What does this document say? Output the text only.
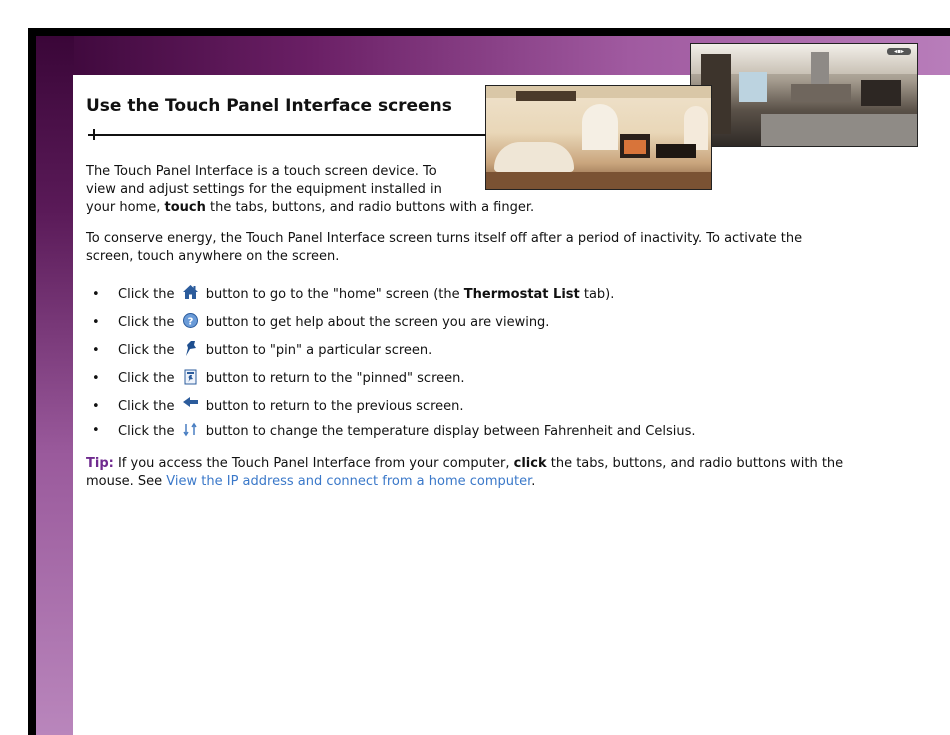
◂▪▸
Use the Touch Panel Interface screens
The Touch Panel Interface is a touch screen device. To
view and adjust settings for the equipment installed in
your home, touch the tabs, buttons, and radio buttons with a finger.
To conserve energy, the Touch Panel Interface screen turns itself off after a period of inactivity. To activate the screen, touch anywhere on the screen.
• Click the  button to go to the "home" screen (the Thermostat List tab).
• Click the ? button to get help about the screen you are viewing.
• Click the  button to "pin" a particular screen.
• Click the  button to return to the "pinned" screen.
• Click the  button to return to the previous screen.
• Click the  button to change the temperature display between Fahrenheit and Celsius.
Tip: If you access the Touch Panel Interface from your computer, click the tabs, buttons, and radio buttons with the mouse. See View the IP address and connect from a home computer.
